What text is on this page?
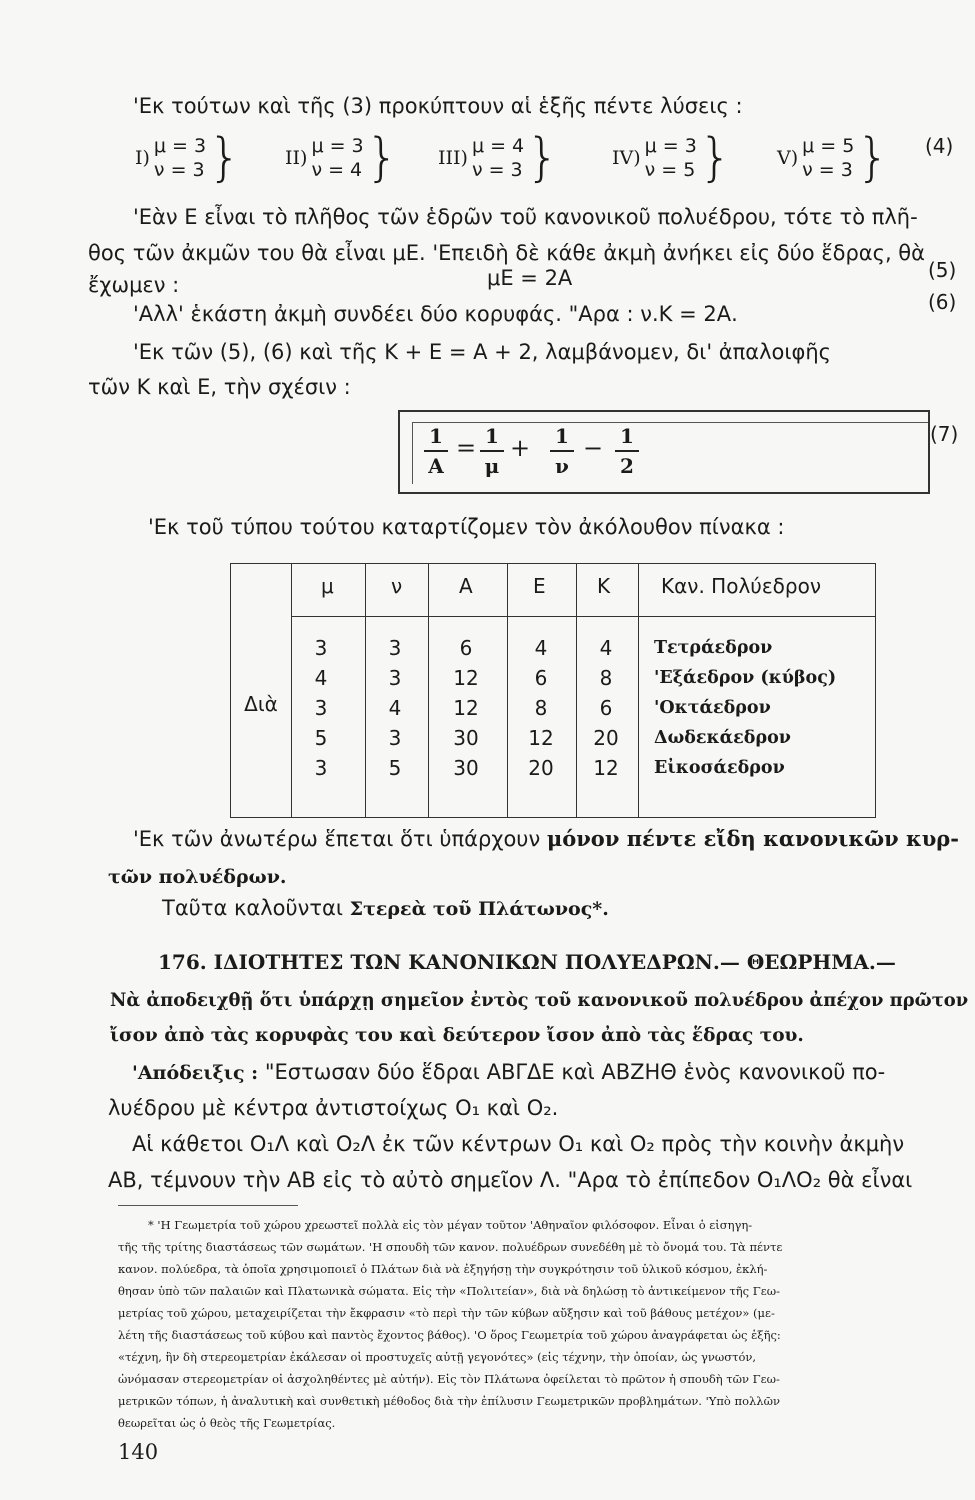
'Εκ τούτων καὶ τῆς (3) προκύπτουν αἱ ἑξῆς πέντε λύσεις :
I)
μ = 3
ν = 3 } II)
μ = 3
ν = 4 } III)
μ = 4
ν = 3 }	IV)
μ = 3
ν = 5 } V)
μ = 5
ν = 3 } (4)
'Εὰν Ε εἶναι τὸ πλῆθος τῶν ἑδρῶν τοῦ κανονικοῦ πολυέδρου, τότε τὸ πλῆ-
θος τῶν ἀκμῶν του θὰ εἶναι μΕ. 'Επειδὴ δὲ κάθε ἀκμὴ ἀνήκει εἰς δύο ἕδρας, θὰ
ἔχωμεν :	μΕ = 2Α	(5)
'Αλλ' ἑκάστη ἀκμὴ συνδέει δύο κορυφάς. "Αρα : ν.Κ = 2Α.	(6)
'Εκ τῶν (5), (6) καὶ τῆς Κ + Ε = Α + 2, λαμβάνομεν, δι' ἀπαλοιφῆς
τῶν Κ καὶ Ε, τὴν σχέσιν :
1
Α
= 1
μ
+ 1
ν
− 1
2
(7)
'Εκ τοῦ τύπου τούτου καταρτίζομεν τὸν ἀκόλουθον πίνακα :
μ	ν	Α	Ε	Κ	Καν. Πολύεδρον
Διὰ
3	3	6	4	4	Τετράεδρον
4	3	12	6	8	'Εξάεδρον (κύβος)
3	4	12	8	6	'Οκτάεδρον
5	3	30	12	20	Δωδεκάεδρον
3	5	30	20	12	Εἰκοσάεδρον
'Εκ τῶν ἀνωτέρω ἕπεται ὅτι ὑπάρχουν μόνον πέντε εἴδη κανονικῶν κυρ-
τῶν πολυέδρων.
Ταῦτα καλοῦνται Στερεὰ τοῦ Πλάτωνος*.
176. ΙΔΙΟΤΗΤΕΣ ΤΩΝ ΚΑΝΟΝΙΚΩΝ ΠΟΛΥΕΔΡΩΝ.— ΘΕΩΡΗΜΑ.—
Νὰ ἀποδειχθῇ ὅτι ὑπάρχῃ σημεῖον ἐντὸς τοῦ κανονικοῦ πολυέδρου ἀπέχον πρῶτον
ἴσον ἀπὸ τὰς κορυφὰς του καὶ δεύτερον ἴσον ἀπὸ τὰς ἕδρας του.
'Απόδειξις : "Εστωσαν δύο ἕδραι ΑΒΓΔΕ καὶ ΑΒΖΗΘ ἑνὸς κανονικοῦ πο-
λυέδρου μὲ κέντρα ἀντιστοίχως O₁ καὶ O₂.
Αἱ κάθετοι O₁Λ καὶ O₂Λ ἐκ τῶν κέντρων O₁ καὶ O₂ πρὸς τὴν κοινὴν ἀκμὴν
ΑΒ, τέμνουν τὴν ΑΒ εἰς τὸ αὐτὸ σημεῖον Λ. "Αρα τὸ ἐπίπεδον O₁ΛO₂ θὰ εἶναι
* 'Η Γεωμετρία τοῦ χώρου χρεωστεῖ πολλὰ εἰς τὸν μέγαν τοῦτον 'Αθηναῖον φιλόσοφον. Εἶναι ὁ εἰσηγη-
τῆς τῆς τρίτης διαστάσεως τῶν σωμάτων. 'Η σπουδὴ τῶν κανον. πολυέδρων συνεδέθη μὲ τὸ ὄνομά του. Τὰ πέντε
κανον. πολύεδρα, τὰ ὁποῖα χρησιμοποιεῖ ὁ Πλάτων διὰ νὰ ἐξηγήσῃ τὴν συγκρότησιν τοῦ ὑλικοῦ κόσμου, ἐκλή-
θησαν ὑπὸ τῶν παλαιῶν καὶ Πλατωνικὰ σώματα. Εἰς τὴν «Πολιτείαν», διὰ νὰ δηλώσῃ τὸ ἀντικείμενον τῆς Γεω-
μετρίας τοῦ χώρου, μεταχειρίζεται τὴν ἔκφρασιν «τὸ περὶ τὴν τῶν κύβων αὔξησιν καὶ τοῦ βάθους μετέχον» (με-
λέτη τῆς διαστάσεως τοῦ κύβου καὶ παντὸς ἔχοντος βάθος). 'Ο ὅρος Γεωμετρία τοῦ χώρου ἀναγράφεται ὡς ἑξῆς:
«τέχνη, ἣν δὴ στερεομετρίαν ἐκάλεσαν οἱ προστυχεῖς αὐτῇ γεγονότες» (εἰς τέχνην, τὴν ὁποίαν, ὡς γνωστόν,
ὠνόμασαν στερεομετρίαν οἱ ἀσχοληθέντες μὲ αὐτήν). Εἰς τὸν Πλάτωνα ὀφείλεται τὸ πρῶτον ἡ σπουδὴ τῶν Γεω-
μετρικῶν τόπων, ἡ ἀναλυτικὴ καὶ συνθετικὴ μέθοδος διὰ τὴν ἐπίλυσιν Γεωμετρικῶν προβλημάτων. 'Υπὸ πολλῶν
θεωρεῖται ὡς ὁ θεὸς τῆς Γεωμετρίας.
140
